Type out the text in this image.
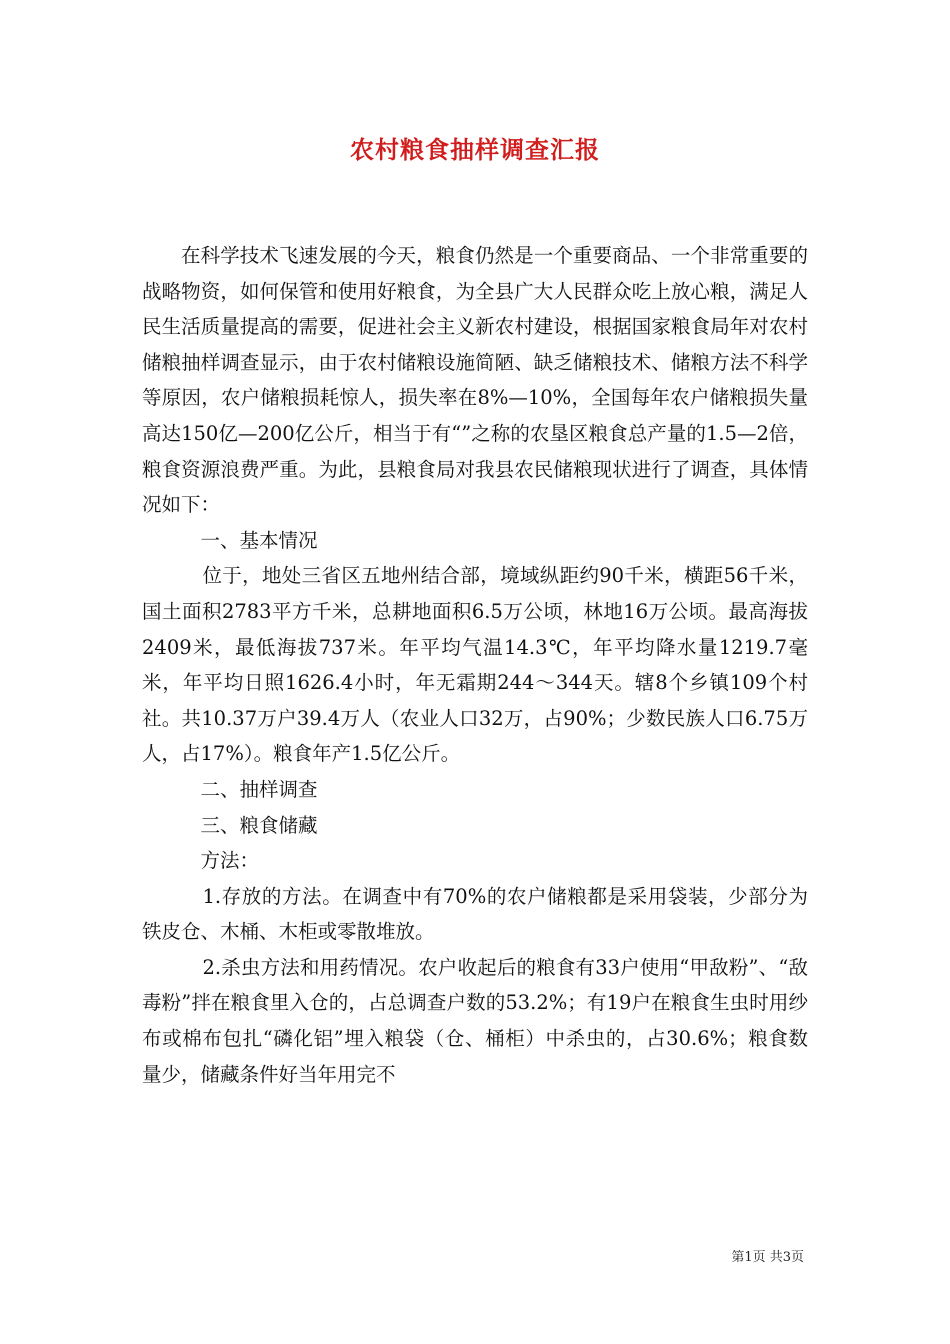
农村粮食抽样调查汇报

在科学技术飞速发展的今天，粮食仍然是一个重要商品、一个非常重要的战略物资，如何保管和使用好粮食，为全县广大人民群众吃上放心粮，满足人民生活质量提高的需要，促进社会主义新农村建设，根据国家粮食局年对农村储粮抽样调查显示，由于农村储粮设施简陋、缺乏储粮技术、储粮方法不科学等原因，农户储粮损耗惊人，损失率在8%—10%，全国每年农户储粮损失量高达150亿—200亿公斤，相当于有“”之称的农垦区粮食总产量的1.5—2倍，粮食资源浪费严重。为此，县粮食局对我县农民储粮现状进行了调查，具体情况如下：

一、基本情况

位于，地处三省区五地州结合部，境域纵距约90千米，横距56千米，国土面积2783平方千米，总耕地面积6.5万公顷，林地16万公顷。最高海拔2409米，最低海拔737米。年平均气温14.3℃，年平均降水量1219.7毫米，年平均日照1626.4小时，年无霜期244～344天。辖8个乡镇109个村社。共10.37万户39.4万人（农业人口32万，占90%；少数民族人口6.75万人，占17%）。粮食年产1.5亿公斤。

二、抽样调查

三、粮食储藏

方法：

1.存放的方法。在调查中有70%的农户储粮都是采用袋装，少部分为铁皮仓、木桶、木柜或零散堆放。

2.杀虫方法和用药情况。农户收起后的粮食有33户使用“甲敌粉”、“敌毒粉”拌在粮食里入仓的，占总调查户数的53.2%；有19户在粮食生虫时用纱布或棉布包扎“磷化铝”埋入粮袋（仓、桶柜）中杀虫的，占30.6%；粮食数量少，储藏条件好当年用完不

第1页 共3页
